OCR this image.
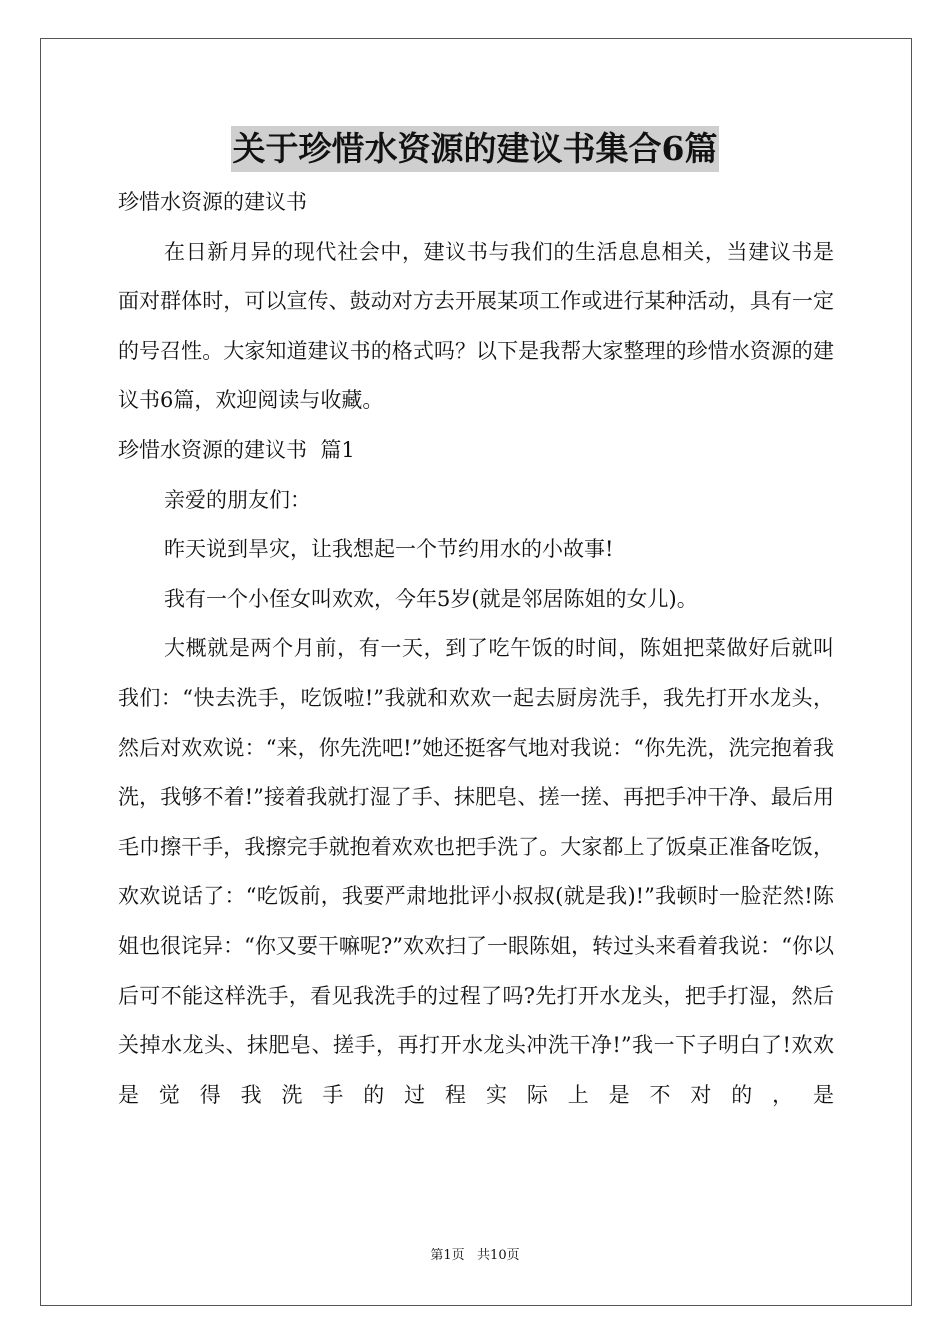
关于珍惜水资源的建议书集合6篇

珍惜水资源的建议书

在日新月异的现代社会中，建议书与我们的生活息息相关，当建议书是面对群体时，可以宣传、鼓动对方去开展某项工作或进行某种活动，具有一定的号召性。大家知道建议书的格式吗？以下是我帮大家整理的珍惜水资源的建议书6篇，欢迎阅读与收藏。

珍惜水资源的建议书  篇1

亲爱的朋友们：

昨天说到旱灾，让我想起一个节约用水的小故事!

我有一个小侄女叫欢欢，今年5岁(就是邻居陈姐的女儿)。

大概就是两个月前，有一天，到了吃午饭的时间，陈姐把菜做好后就叫我们：“快去洗手，吃饭啦!”我就和欢欢一起去厨房洗手，我先打开水龙头，然后对欢欢说：“来，你先洗吧!”她还挺客气地对我说：“你先洗，洗完抱着我洗，我够不着!”接着我就打湿了手、抹肥皂、搓一搓、再把手冲干净、最后用毛巾擦干手，我擦完手就抱着欢欢也把手洗了。大家都上了饭桌正准备吃饭，欢欢说话了：“吃饭前，我要严肃地批评小叔叔(就是我)!”我顿时一脸茫然!陈姐也很诧异：“你又要干嘛呢?”欢欢扫了一眼陈姐，转过头来看着我说：“你以后可不能这样洗手，看见我洗手的过程了吗?先打开水龙头，把手打湿，然后关掉水龙头、抹肥皂、搓手，再打开水龙头冲洗干净!”我一下子明白了!欢欢是觉得我洗手的过程实际上是不对的，是

第1页   共10页
